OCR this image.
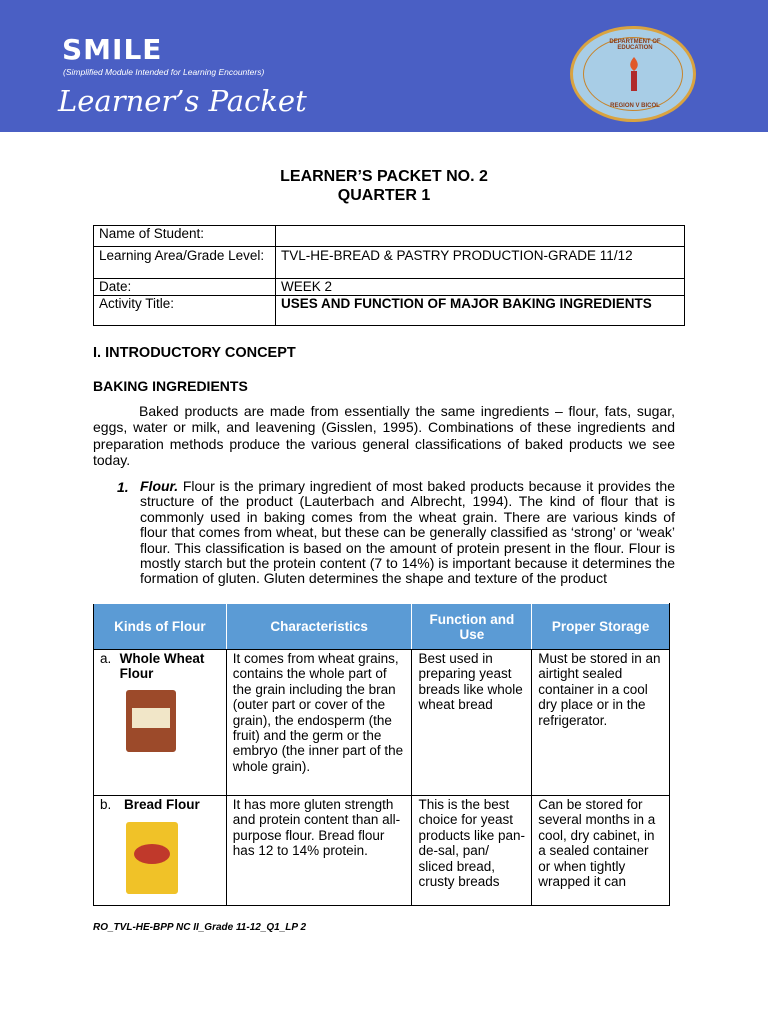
SMILE
(Simplified Module Intended for Learning Encounters)
Learner’s Packet
DEPARTMENT OF EDUCATION
REGION V BICOL
LEARNER’S PACKET NO. 2
QUARTER 1
Name of Student:	
Learning Area/Grade Level:	TVL-HE-BREAD & PASTRY PRODUCTION-GRADE 11/12
Date:	WEEK 2
Activity Title:	USES AND FUNCTION OF MAJOR BAKING INGREDIENTS
I. INTRODUCTORY CONCEPT
BAKING INGREDIENTS
Baked products are made from essentially the same ingredients – flour, fats, sugar, eggs, water or milk, and leavening (Gisslen, 1995). Combinations of these ingredients and preparation methods produce the various general classifications of baked products we see today.
1. Flour. Flour is the primary ingredient of most baked products because it provides the structure of the product (Lauterbach and Albrecht, 1994). The kind of flour that is commonly used in baking comes from the wheat grain. There are various kinds of flour that comes from wheat, but these can be generally classified as ‘strong’ or ‘weak’ flour. This classification is based on the amount of protein present in the flour. Flour is mostly starch but the protein content (7 to 14%) is important because it determines the formation of gluten. Gluten determines the shape and texture of the product
Kinds of Flour	Characteristics	Function and Use	Proper Storage

a. Whole Wheat Flour	It comes from wheat grains, contains the whole part of the grain including the bran (outer part or cover of the grain), the endosperm (the fruit) and the germ or the embryo (the inner part of the whole grain).	Best used in preparing yeast breads like whole wheat bread	Must be stored in an airtight sealed container in a cool dry place or in the refrigerator.

b. Bread Flour	It has more gluten strength and protein content than all-purpose flour. Bread flour has 12 to 14% protein.	This is the best choice for yeast products like pan-de-sal, pan/ sliced bread, crusty breads	Can be stored for several months in a cool, dry cabinet, in a sealed container or when tightly wrapped it can
RO_TVL-HE-BPP NC II_Grade 11-12_Q1_LP 2
